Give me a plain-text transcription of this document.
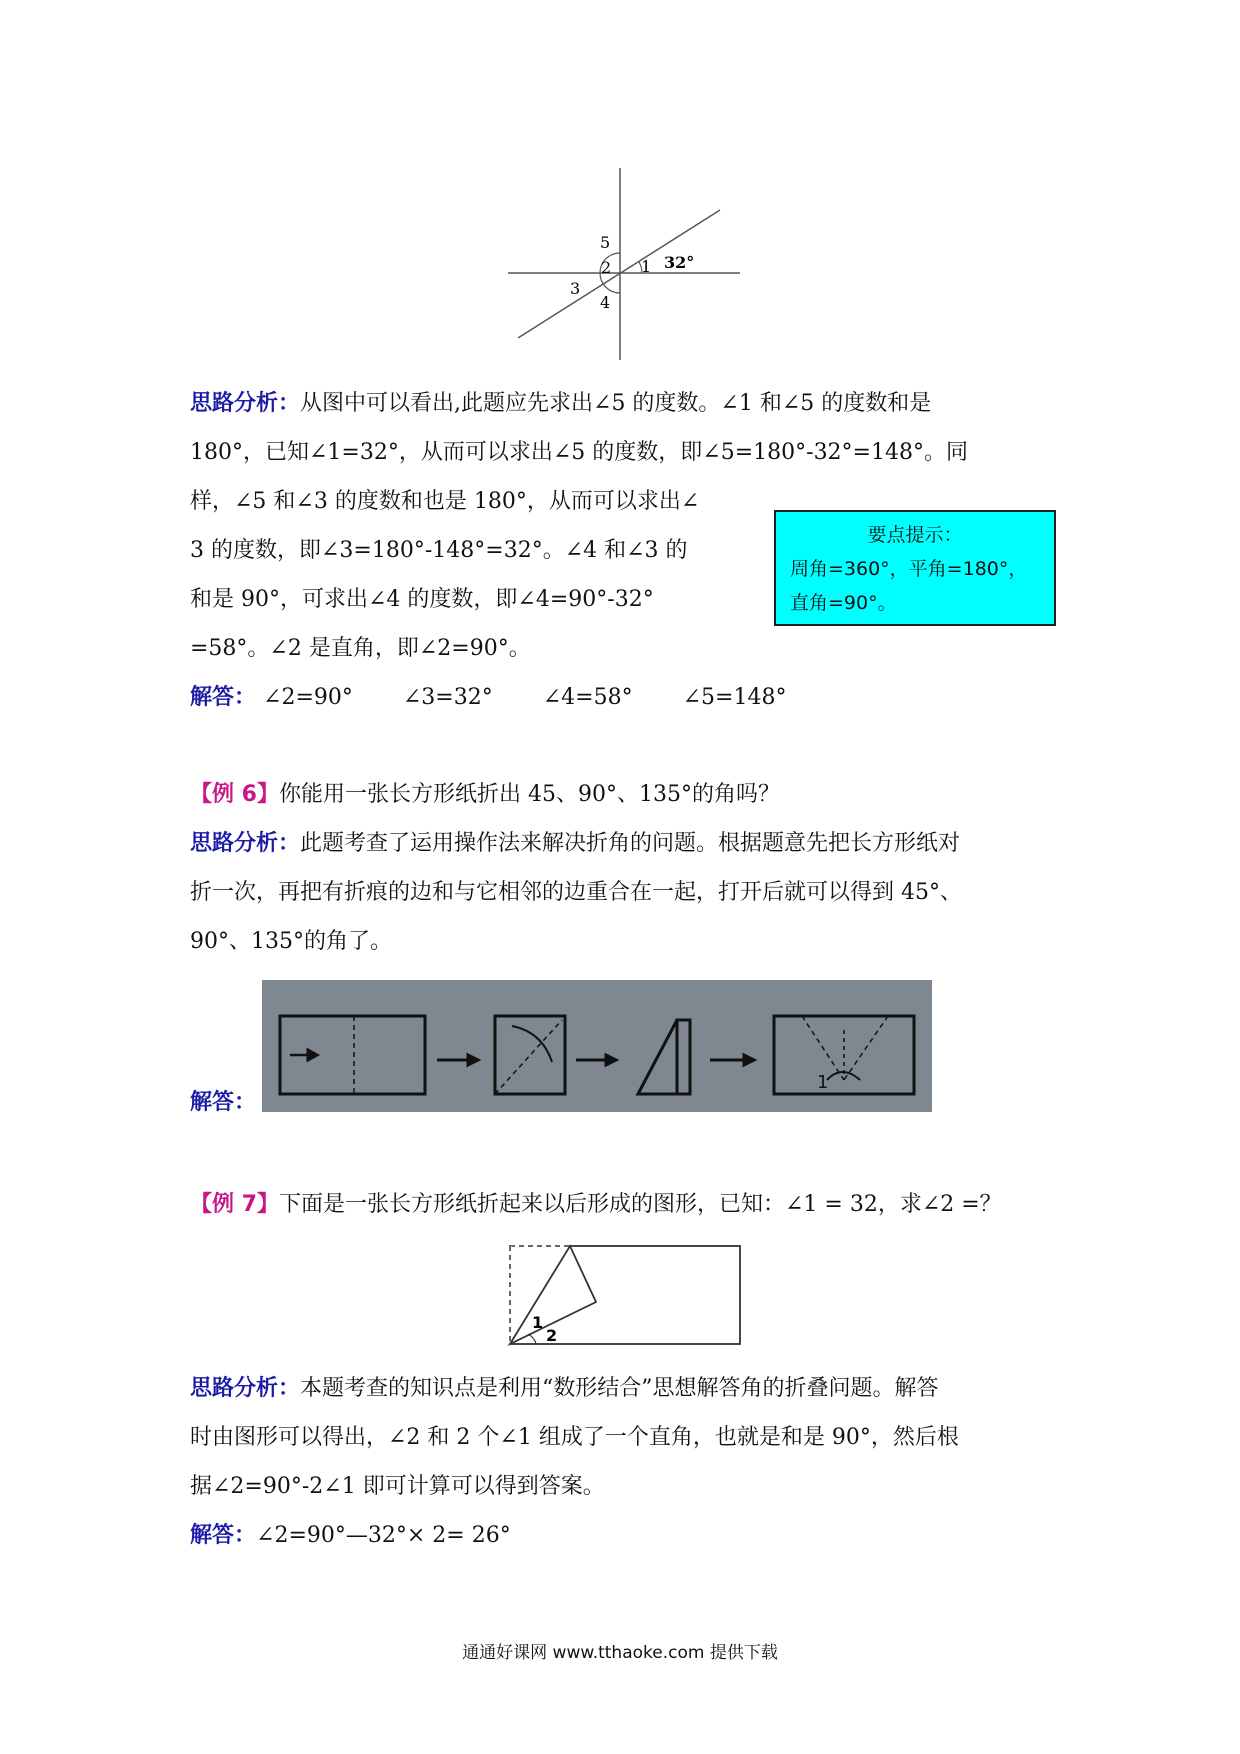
5
2 1 32°
3
4
思路分析：从图中可以看出,此题应先求出∠5 的度数。∠1 和∠5 的度数和是
180°，已知∠1=32°，从而可以求出∠5 的度数，即∠5=180°-32°=148°。同
样，∠5 和∠3 的度数和也是 180°，从而可以求出∠
3 的度数，即∠3=180°-148°=32°。∠4 和∠3 的
和是 90°，可求出∠4 的度数，即∠4=90°-32°
=58°。∠2 是直角，即∠2=90°。
解答： ∠2=90° ∠3=32° ∠4=58° ∠5=148°
要点提示：
周角=360°，平角=180°，
直角=90°。
【例 6】你能用一张长方形纸折出 45、90°、135°的角吗？
思路分析：此题考查了运用操作法来解决折角的问题。根据题意先把长方形纸对
折一次，再把有折痕的边和与它相邻的边重合在一起，打开后就可以得到 45°、
90°、135°的角了。
解答：
1
【例 7】下面是一张长方形纸折起来以后形成的图形，已知：∠1 = 32，求∠2 =？
1
2
思路分析：本题考查的知识点是利用“数形结合”思想解答角的折叠问题。解答
时由图形可以得出，∠2 和 2 个∠1 组成了一个直角，也就是和是 90°，然后根
据∠2=90°-2∠1 即可计算可以得到答案。
解答：∠2=90°—32°× 2= 26°
通通好课网 www.tthaoke.com 提供下载
